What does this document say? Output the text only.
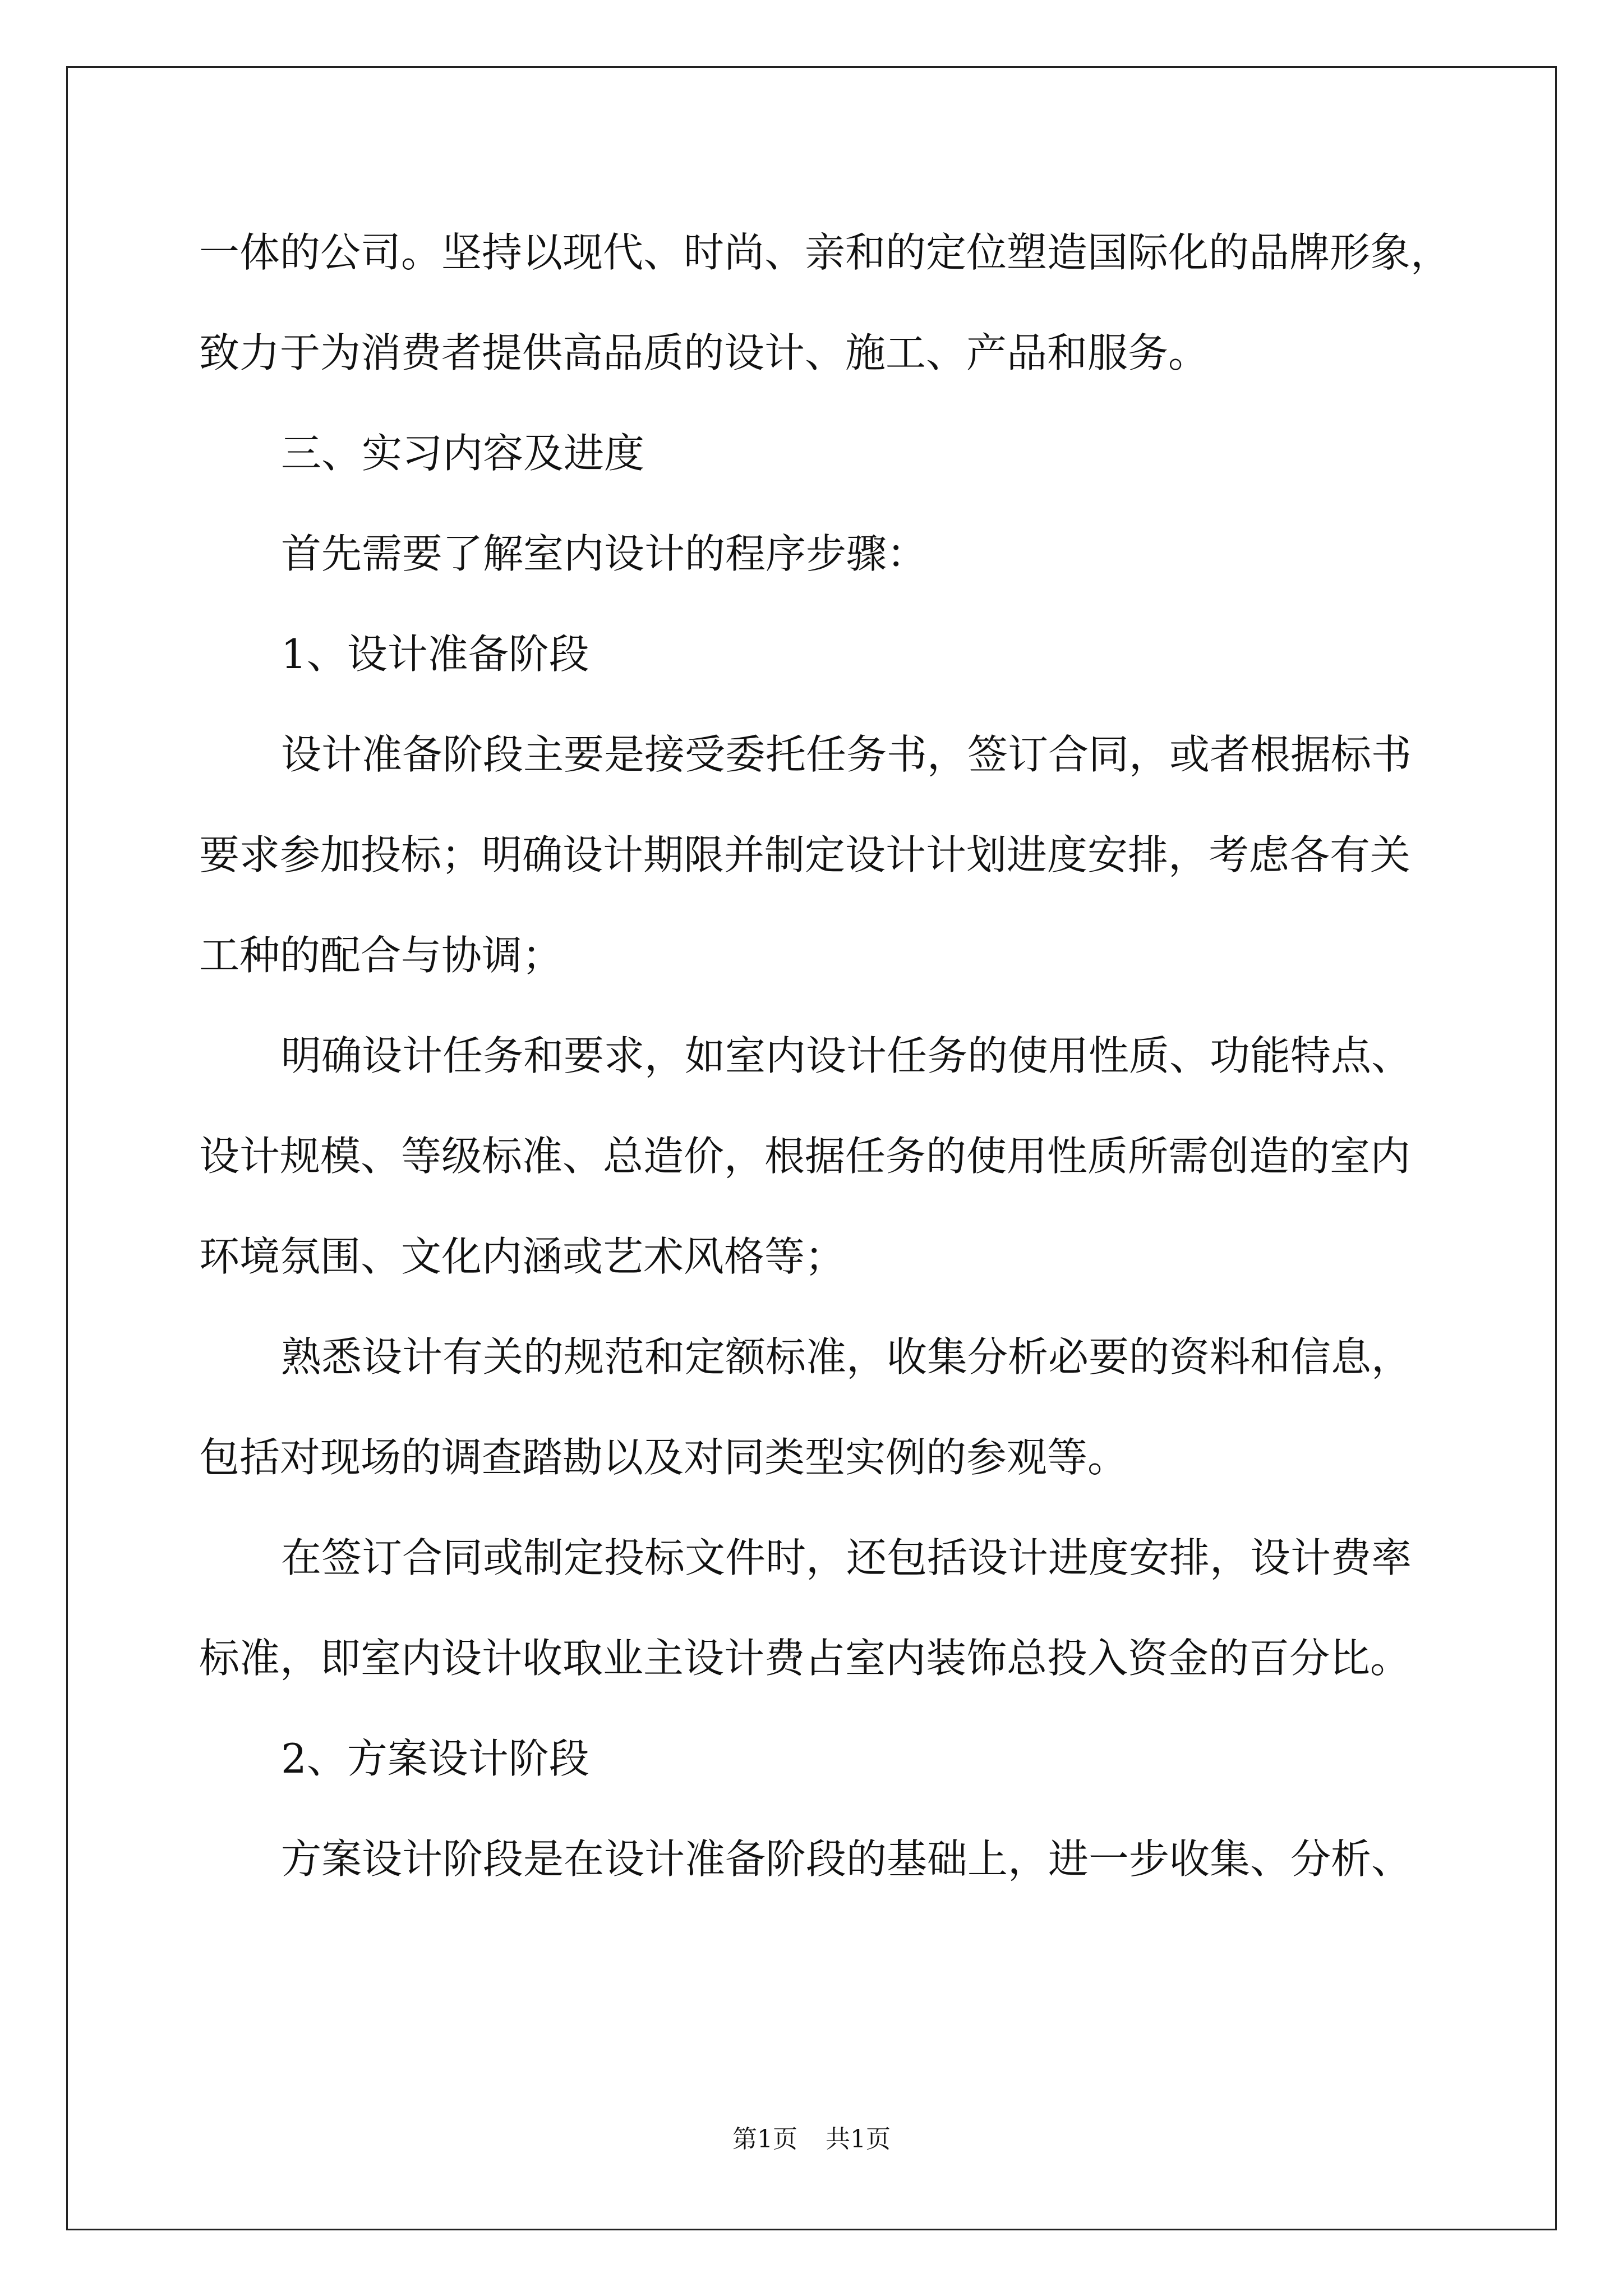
一体的公司。坚持以现代、时尚、亲和的定位塑造国际化的品牌形象，
致力于为消费者提供高品质的设计、施工、产品和服务。
三、实习内容及进度
首先需要了解室内设计的程序步骤：
1、设计准备阶段
设计准备阶段主要是接受委托任务书，签订合同，或者根据标书
要求参加投标；明确设计期限并制定设计计划进度安排，考虑各有关
工种的配合与协调；
明确设计任务和要求，如室内设计任务的使用性质、功能特点、
设计规模、等级标准、总造价，根据任务的使用性质所需创造的室内
环境氛围、文化内涵或艺术风格等；
熟悉设计有关的规范和定额标准，收集分析必要的资料和信息，
包括对现场的调查踏勘以及对同类型实例的参观等。
在签订合同或制定投标文件时，还包括设计进度安排，设计费率
标准，即室内设计收取业主设计费占室内装饰总投入资金的百分比。
2、方案设计阶段
方案设计阶段是在设计准备阶段的基础上，进一步收集、分析、
第1页 共1页
